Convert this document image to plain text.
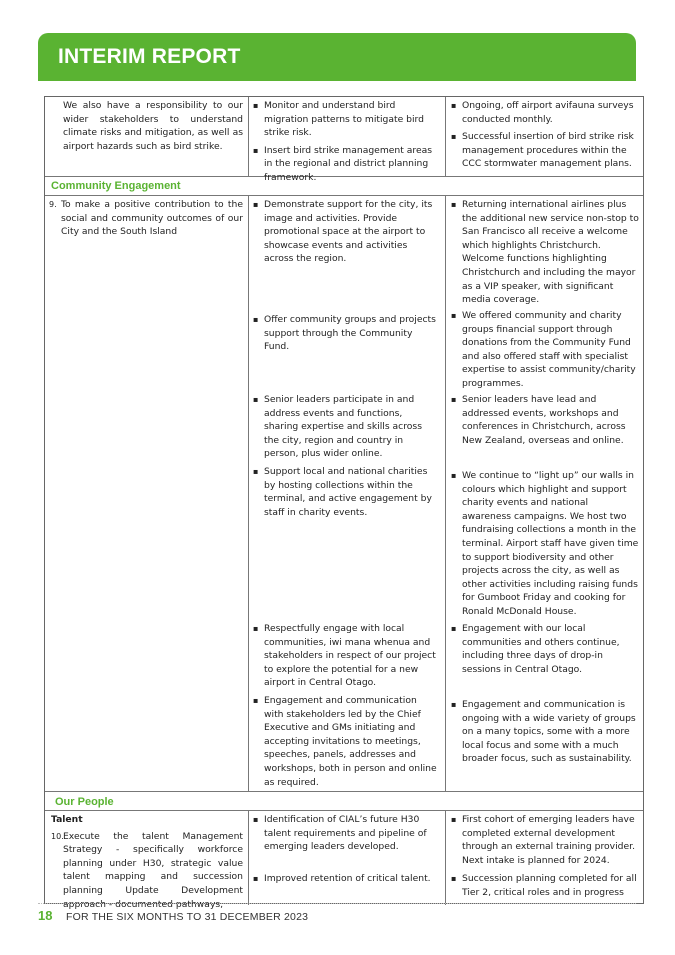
INTERIM REPORT
We also have a responsibility to our wider stakeholders to understand climate risks and mitigation, as well as airport hazards such as bird strike.
▪ Monitor and understand bird migration patterns to mitigate bird strike risk.
▪ Insert bird strike management areas in the regional and district planning framework.
▪ Ongoing, off airport avifauna surveys conducted monthly.
▪ Successful insertion of bird strike risk management procedures within the CCC stormwater management plans.
Community Engagement
9. To make a positive contribution to the social and community outcomes of our City and the South Island
▪ Demonstrate support for the city, its image and activities. Provide promotional space at the airport to showcase events and activities across the region.
▪ Offer community groups and projects support through the Community Fund.
▪ Senior leaders participate in and address events and functions, sharing expertise and skills across the city, region and country in person, plus wider online.
▪ Support local and national charities by hosting collections within the terminal, and active engagement by staff in charity events.
▪ Respectfully engage with local communities, iwi mana whenua and stakeholders in respect of our project to explore the potential for a new airport in Central Otago.
▪ Engagement and communication with stakeholders led by the Chief Executive and GMs initiating and accepting invitations to meetings, speeches, panels, addresses and workshops, both in person and online as required.
▪ Returning international airlines plus the additional new service non-stop to San Francisco all receive a welcome which highlights Christchurch. Welcome functions highlighting Christchurch and including the mayor as a VIP speaker, with significant media coverage.
▪ We offered community and charity groups financial support through donations from the Community Fund and also offered staff with specialist expertise to assist community/charity programmes.
▪ Senior leaders have lead and addressed events, workshops and conferences in Christchurch, across New Zealand, overseas and online.
▪ We continue to “light up” our walls in colours which highlight and support charity events and national awareness campaigns. We host two fundraising collections a month in the terminal. Airport staff have given time to support biodiversity and other projects across the city, as well as other activities including raising funds for Gumboot Friday and cooking for Ronald McDonald House.
▪ Engagement with our local communities and others continue, including three days of drop-in sessions in Central Otago.
▪ Engagement and communication is ongoing with a wide variety of groups on a many topics, some with a more local focus and some with a much broader focus, such as sustainability.
Our People
Talent
10. Execute the talent Management Strategy - specifically workforce planning under H30, strategic value talent mapping and succession planning Update Development approach - documented pathways,
▪ Identification of CIAL’s future H30 talent requirements and pipeline of emerging leaders developed.
▪ Improved retention of critical talent.
▪ First cohort of emerging leaders have completed external development through an external training provider. Next intake is planned for 2024.
▪ Succession planning completed for all Tier 2, critical roles and in progress
18 FOR THE SIX MONTHS TO 31 DECEMBER 2023
